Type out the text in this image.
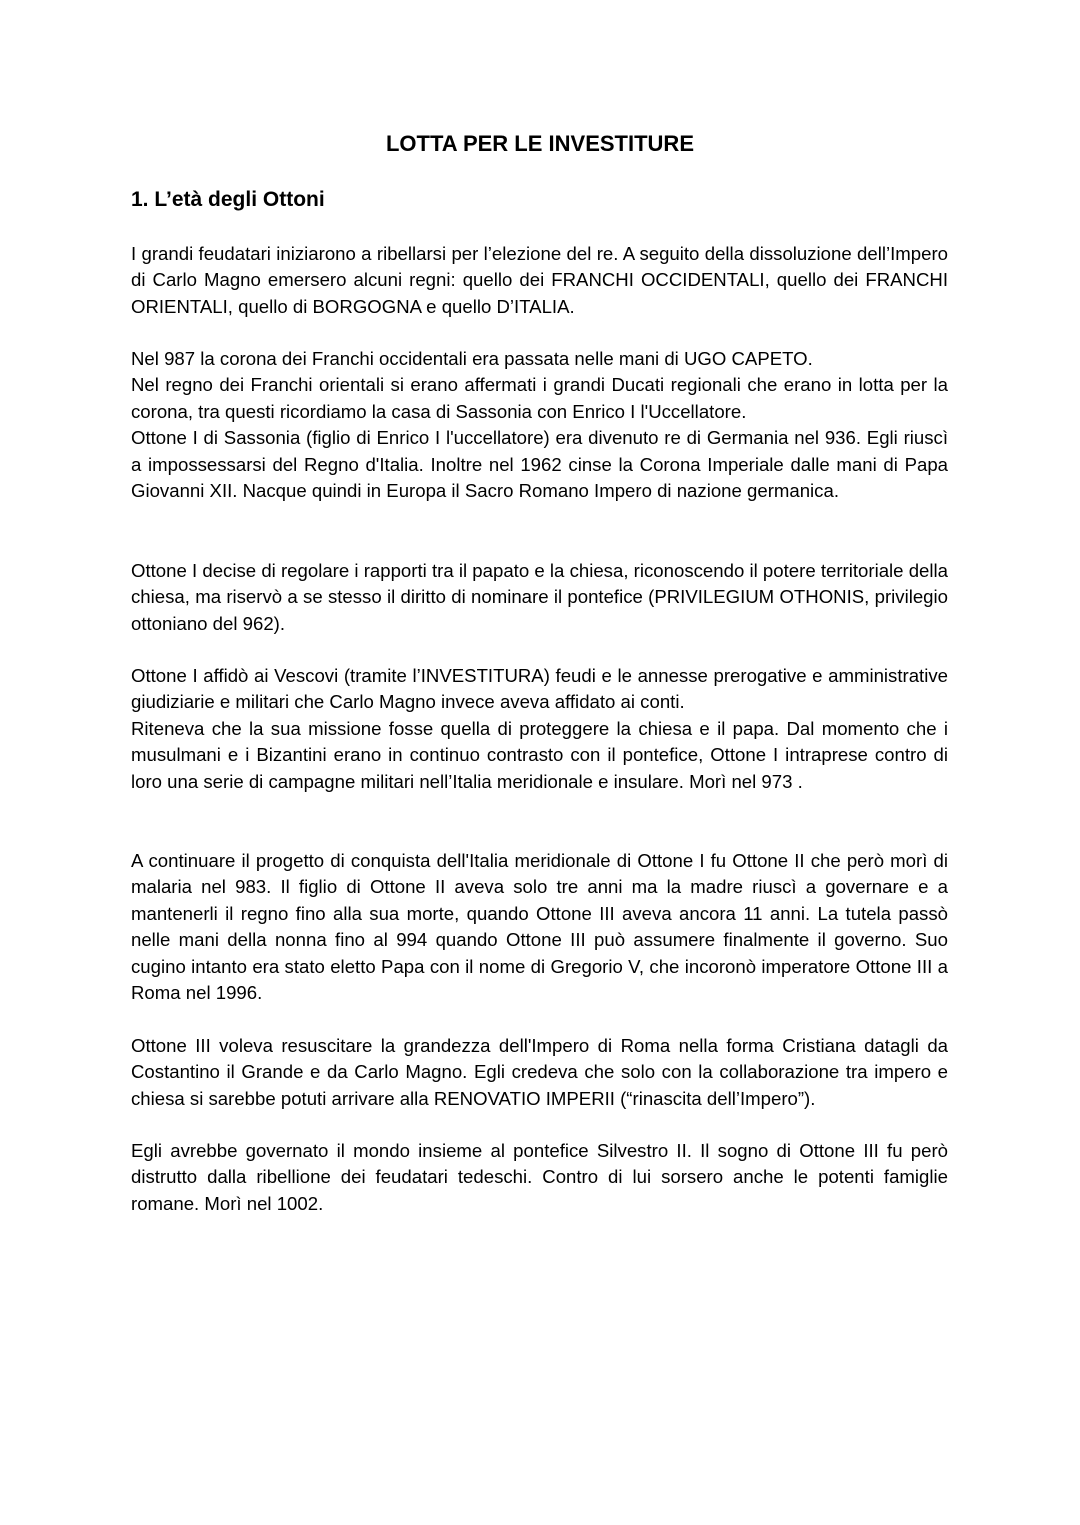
LOTTA PER LE INVESTITURE
1. L’età degli Ottoni

I grandi feudatari iniziarono a ribellarsi per l’elezione del re. A seguito della dissoluzione dell’Impero di Carlo Magno emersero alcuni regni: quello dei FRANCHI OCCIDENTALI, quello dei FRANCHI ORIENTALI, quello di BORGOGNA e quello D’ITALIA.

Nel 987 la corona dei Franchi occidentali era passata nelle mani di UGO CAPETO.
Nel regno dei Franchi orientali si erano affermati i grandi Ducati regionali che erano in lotta per la corona, tra questi ricordiamo la casa di Sassonia con Enrico I l'Uccellatore.
Ottone I di Sassonia (figlio di Enrico I l'uccellatore) era divenuto re di Germania nel 936. Egli riuscì a impossessarsi del Regno d'Italia. Inoltre nel 1962 cinse la Corona Imperiale dalle mani di Papa Giovanni XII. Nacque quindi in Europa il Sacro Romano Impero di nazione germanica.

Ottone I decise di regolare i rapporti tra il papato e la chiesa, riconoscendo il potere territoriale della chiesa, ma riservò a se stesso il diritto di nominare il pontefice (PRIVILEGIUM OTHONIS, privilegio ottoniano del 962).

Ottone I affidò ai Vescovi (tramite l’INVESTITURA) feudi e le annesse prerogative e amministrative giudiziarie e militari che Carlo Magno invece aveva affidato ai conti.
Riteneva che la sua missione fosse quella di proteggere la chiesa e il papa. Dal momento che i musulmani e i Bizantini erano in continuo contrasto con il pontefice, Ottone I intraprese contro di loro una serie di campagne militari nell’Italia meridionale e insulare. Morì nel 973 .

A continuare il progetto di conquista dell'Italia meridionale di Ottone I fu Ottone II che però morì di malaria nel 983. Il figlio di Ottone II aveva solo tre anni ma la madre riuscì a governare e a mantenerli il regno fino alla sua morte, quando Ottone III aveva ancora 11 anni. La tutela passò nelle mani della nonna fino al 994 quando Ottone III può assumere finalmente il governo. Suo cugino intanto era stato eletto Papa con il nome di Gregorio V, che incoronò imperatore Ottone III a Roma nel 1996.

Ottone III voleva resuscitare la grandezza dell'Impero di Roma nella forma Cristiana datagli da Costantino il Grande e da Carlo Magno. Egli credeva che solo con la collaborazione tra impero e chiesa si sarebbe potuti arrivare alla RENOVATIO IMPERII (“rinascita dell’Impero”).

Egli avrebbe governato il mondo insieme al pontefice Silvestro II. Il sogno di Ottone III fu però distrutto dalla ribellione dei feudatari tedeschi. Contro di lui sorsero anche le potenti famiglie romane. Morì nel 1002.
